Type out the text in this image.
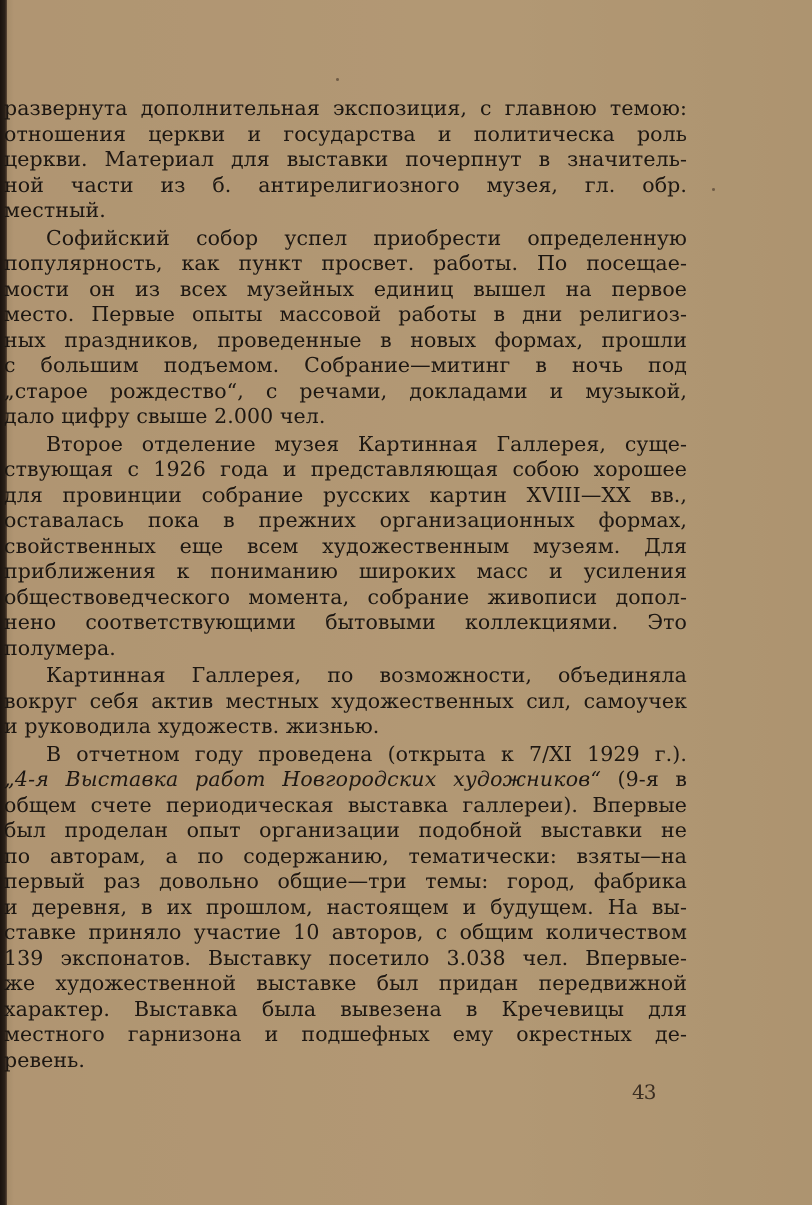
развернута дополнительная экспозиция, с главною темою:
отношения церкви и государства и политическа роль
церкви. Материал для выставки почерпнут в значитель-
ной части из б. антирелигиозного музея, гл. обр.
местный.

Софийский собор успел приобрести определенную
популярность, как пункт просвет. работы. По посещае-
мости он из всех музейных единиц вышел на первое
место. Первые опыты массовой работы в дни религиоз-
ных праздников, проведенные в новых формах, прошли
с большим подъемом. Собрание—митинг в ночь под
„старое рождество“, с речами, докладами и музыкой,
дало цифру свыше 2.000 чел.

Второе отделение музея Картинная Галлерея, суще-
ствующая с 1926 года и представляющая собою хорошее
для провинции собрание русских картин XVIII—XX вв.,
оставалась пока в прежних организационных формах,
свойственных еще всем художественным музеям. Для
приближения к пониманию широких масс и усиления
обществоведческого момента, собрание живописи допол-
нено соответствующими бытовыми коллекциями. Это
полумера.

Картинная Галлерея, по возможности, объединяла
вокруг себя актив местных художественных сил, самоучек
и руководила художеств. жизнью.

В отчетном году проведена (открыта к 7/XI 1929 г.).
„4-я Выставка работ Новгородских художников“ (9-я в
общем счете периодическая выставка галлереи). Впервые
был проделан опыт организации подобной выставки не
по авторам, а по содержанию, тематически: взяты—на
первый раз довольно общие—три темы: город, фабрика
и деревня, в их прошлом, настоящем и будущем. На вы-
ставке приняло участие 10 авторов, с общим количеством
139 экспонатов. Выставку посетило 3.038 чел. Впервые-
же художественной выставке был придан передвижной
характер. Выставка была вывезена в Кречевицы для
местного гарнизона и подшефных ему окрестных де-
ревень.

43
